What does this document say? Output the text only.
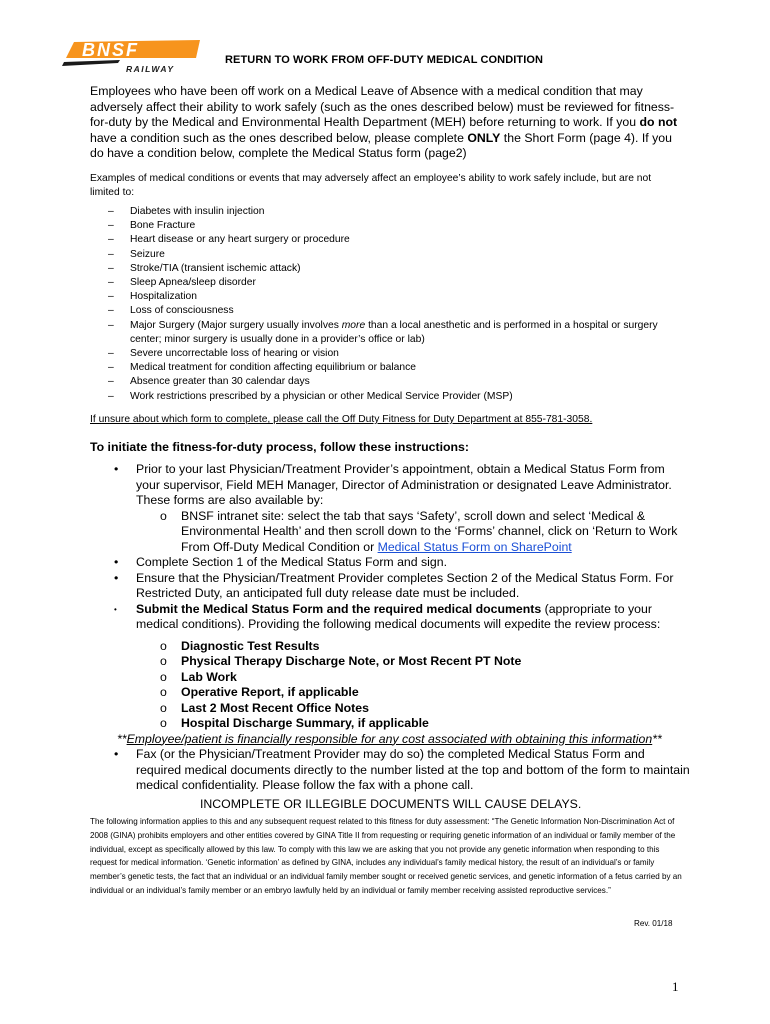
BNSF
RAILWAY
RETURN TO WORK FROM OFF-DUTY MEDICAL CONDITION
Employees who have been off work on a Medical Leave of Absence with a medical condition that may adversely affect their ability to work safely (such as the ones described below) must be reviewed for fitness-for-duty by the Medical and Environmental Health Department (MEH) before returning to work. If you do not have a condition such as the ones described below, please complete ONLY the Short Form (page 4). If you do have a condition below, complete the Medical Status form (page2)
Examples of medical conditions or events that may adversely affect an employee’s ability to work safely include, but are not limited to:
– Diabetes with insulin injection
– Bone Fracture
– Heart disease or any heart surgery or procedure
– Seizure
– Stroke/TIA (transient ischemic attack)
– Sleep Apnea/sleep disorder
– Hospitalization
– Loss of consciousness
– Major Surgery (Major surgery usually involves more than a local anesthetic and is performed in a hospital or surgery center; minor surgery is usually done in a provider’s office or lab)
– Severe uncorrectable loss of hearing or vision
– Medical treatment for condition affecting equilibrium or balance
– Absence greater than 30 calendar days
– Work restrictions prescribed by a physician or other Medical Service Provider (MSP)
If unsure about which form to complete, please call the Off Duty Fitness for Duty Department at 855-781-3058.
To initiate the fitness-for-duty process, follow these instructions:
• Prior to your last Physician/Treatment Provider’s appointment, obtain a Medical Status Form from your supervisor, Field MEH Manager, Director of Administration or designated Leave Administrator. These forms are also available by:
o BNSF intranet site: select the tab that says ‘Safety’, scroll down and select ‘Medical & Environmental Health’ and then scroll down to the ‘Forms’ channel, click on ‘Return to Work From Off-Duty Medical Condition or Medical Status Form on SharePoint
• Complete Section 1 of the Medical Status Form and sign.
• Ensure that the Physician/Treatment Provider completes Section 2 of the Medical Status Form. For Restricted Duty, an anticipated full duty release date must be included.
• Submit the Medical Status Form and the required medical documents (appropriate to your medical conditions). Providing the following medical documents will expedite the review process:
o Diagnostic Test Results
o Physical Therapy Discharge Note, or Most Recent PT Note
o Lab Work
o Operative Report, if applicable
o Last 2 Most Recent Office Notes
o Hospital Discharge Summary, if applicable
**Employee/patient is financially responsible for any cost associated with obtaining this information**
• Fax (or the Physician/Treatment Provider may do so) the completed Medical Status Form and required medical documents directly to the number listed at the top and bottom of the form to maintain medical confidentiality. Please follow the fax with a phone call.
INCOMPLETE OR ILLEGIBLE DOCUMENTS WILL CAUSE DELAYS.
The following information applies to this and any subsequent request related to this fitness for duty assessment: “The Genetic Information Non-Discrimination Act of 2008 (GINA) prohibits employers and other entities covered by GINA Title II from requesting or requiring genetic information of an individual or family member of the individual, except as specifically allowed by this law. To comply with this law we are asking that you not provide any genetic information when responding to this request for medical information. ‘Genetic information’ as defined by GINA, includes any individual’s family medical history, the result of an individual’s or family member’s genetic tests, the fact that an individual or an individual family member sought or received genetic services, and genetic information of a fetus carried by an individual or an individual’s family member or an embryo lawfully held by an individual or family member receiving assisted reproductive services.”
Rev. 01/18
1
